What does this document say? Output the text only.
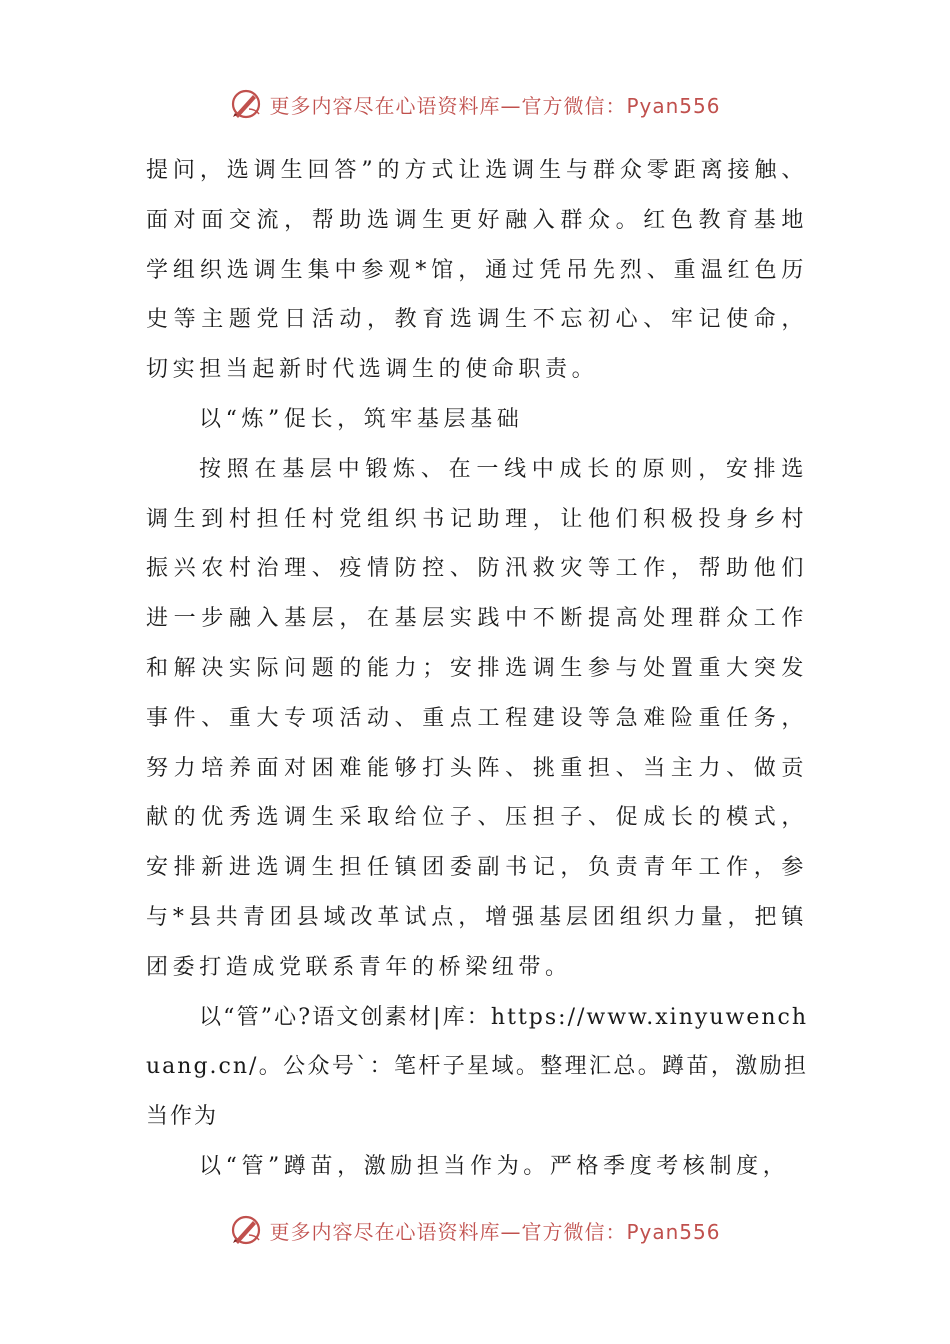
更多内容尽在心语资料库—官方微信：Pyan556

提问，选调生回答”的方式让选调生与群众零距离接触、面对面交流，帮助选调生更好融入群众。红色教育基地学组织选调生集中参观*馆，通过凭吊先烈、重温红色历史等主题党日活动，教育选调生不忘初心、牢记使命，切实担当起新时代选调生的使命职责。

以“炼”促长，筑牢基层基础

按照在基层中锻炼、在一线中成长的原则，安排选调生到村担任村党组织书记助理，让他们积极投身乡村振兴农村治理、疫情防控、防汛救灾等工作，帮助他们进一步融入基层，在基层实践中不断提高处理群众工作和解决实际问题的能力；安排选调生参与处置重大突发事件、重大专项活动、重点工程建设等急难险重任务，努力培养面对困难能够打头阵、挑重担、当主力、做贡献的优秀选调生采取给位子、压担子、促成长的模式，安排新进选调生担任镇团委副书记，负责青年工作，参与*县共青团县域改革试点，增强基层团组织力量，把镇团委打造成党联系青年的桥梁纽带。

以“管”心?语文创素材|库：https://www.xinyuwenchuang.cn/。公众号`：笔杆子星域。整理汇总。蹲苗，激励担当作为

以“管”蹲苗，激励担当作为。严格季度考核制度，

更多内容尽在心语资料库—官方微信：Pyan556
